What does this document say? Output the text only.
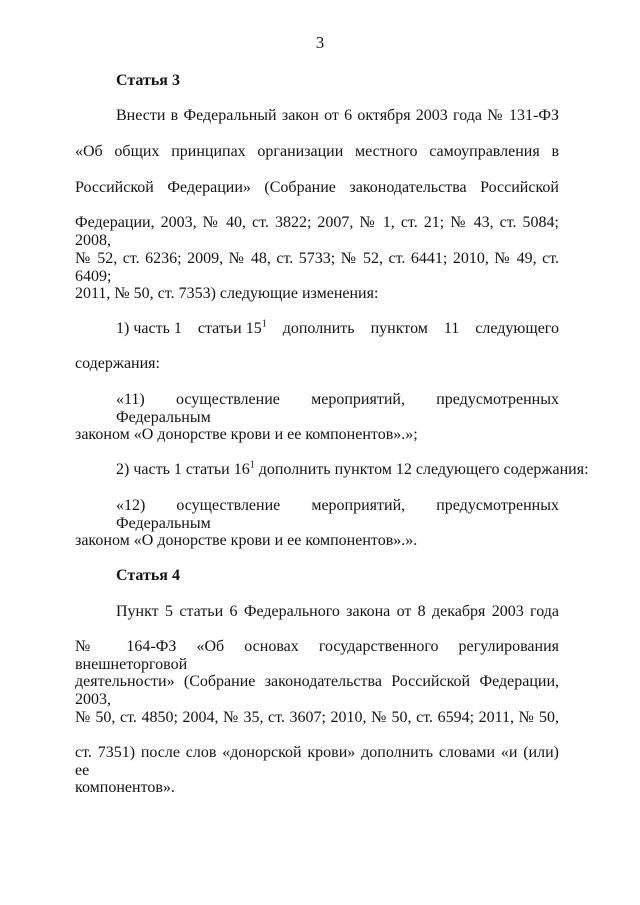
3
Статья 3
Внести в Федеральный закон от 6 октября 2003 года № 131-ФЗ
«Об общих принципах организации местного самоуправления в
Российской Федерации» (Собрание законодательства Российской
Федерации, 2003, № 40, ст. 3822; 2007, № 1, ст. 21; № 43, ст. 5084; 2008,
№ 52, ст. 6236; 2009, № 48, ст. 5733; № 52, ст. 6441; 2010, № 49, ст. 6409;
2011, № 50, ст. 7353) следующие изменения:
1) часть 1 статьи $15^1$ дополнить пунктом 11 следующего
содержания:
«11) осуществление мероприятий, предусмотренных Федеральным
законом «О донорстве крови и ее компонентов».»;
2) часть 1 статьи $16^1$ дополнить пунктом 12 следующего содержания:
«12) осуществление мероприятий, предусмотренных Федеральным
законом «О донорстве крови и ее компонентов».».
Статья 4
Пункт 5 статьи 6 Федерального закона от 8 декабря 2003 года
№ 164-ФЗ «Об основах государственного регулирования внешнеторговой
деятельности» (Собрание законодательства Российской Федерации, 2003,
№ 50, ст. 4850; 2004, № 35, ст. 3607; 2010, № 50, ст. 6594; 2011, № 50,
ст. 7351) после слов «донорской крови» дополнить словами «и (или) ее
компонентов».
